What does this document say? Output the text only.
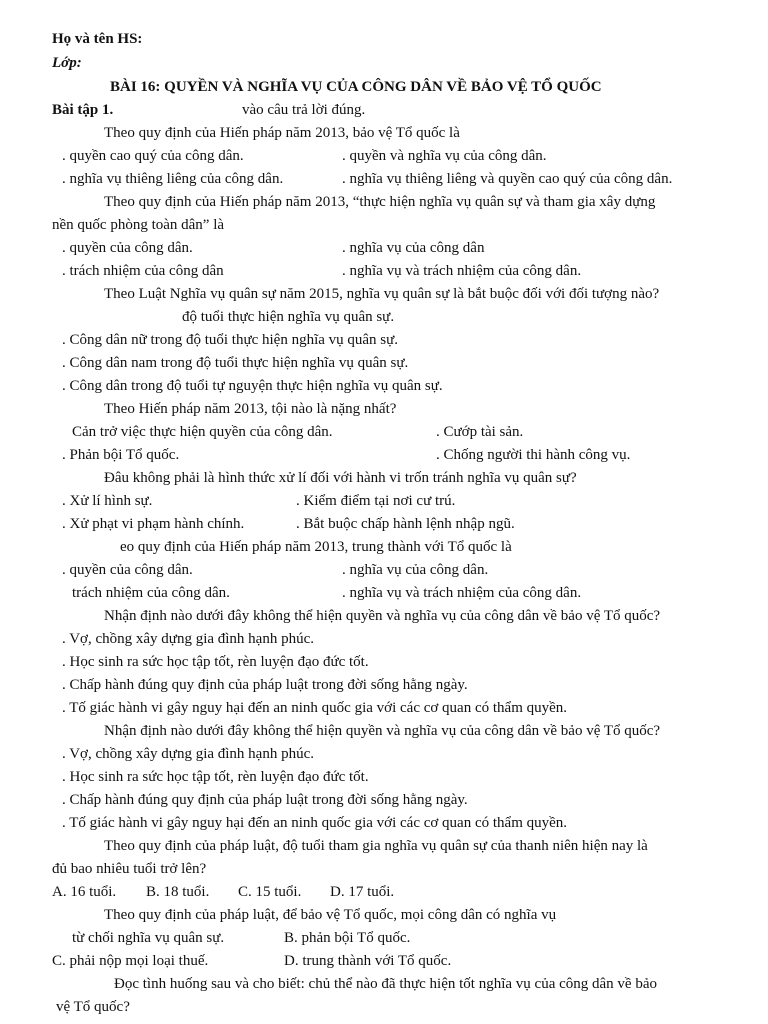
Họ và tên HS:
Lớp:
BÀI 16: QUYỀN VÀ NGHĨA VỤ CỦA CÔNG DÂN VỀ BẢO VỆ TỔ QUỐC
Bài tập 1.	vào câu trả lời đúng.
Theo quy định của Hiến pháp năm 2013, bảo vệ Tổ quốc là
. quyền cao quý của công dân.	. quyền và nghĩa vụ của công dân.
. nghĩa vụ thiêng liêng của công dân.	. nghĩa vụ thiêng liêng và quyền cao quý của công dân.
Theo quy định của Hiến pháp năm 2013, “thực hiện nghĩa vụ quân sự và tham gia xây dựng
nền quốc phòng toàn dân” là
. quyền của công dân.	. nghĩa vụ của công dân
. trách nhiệm của công dân	. nghĩa vụ và trách nhiệm của công dân.
Theo Luật Nghĩa vụ quân sự năm 2015, nghĩa vụ quân sự là bắt buộc đối với đối tượng nào?
độ tuổi thực hiện nghĩa vụ quân sự.
. Công dân nữ trong độ tuổi thực hiện nghĩa vụ quân sự.
. Công dân nam trong độ tuổi thực hiện nghĩa vụ quân sự.
. Công dân trong độ tuổi tự nguyện thực hiện nghĩa vụ quân sự.
Theo Hiến pháp năm 2013, tội nào là nặng nhất?
Cản trở việc thực hiện quyền của công dân.	. Cướp tài sản.
. Phản bội Tổ quốc.	. Chống người thi hành công vụ.
Đâu không phải là hình thức xử lí đối với hành vi trốn tránh nghĩa vụ quân sự?
. Xử lí hình sự.	. Kiểm điểm tại nơi cư trú.
. Xử phạt vi phạm hành chính.	. Bắt buộc chấp hành lệnh nhập ngũ.
eo quy định của Hiến pháp năm 2013, trung thành với Tổ quốc là
. quyền của công dân.	. nghĩa vụ của công dân.
trách nhiệm của công dân.	. nghĩa vụ và trách nhiệm của công dân.
Nhận định nào dưới đây không thể hiện quyền và nghĩa vụ của công dân về bảo vệ Tổ quốc?
. Vợ, chồng xây dựng gia đình hạnh phúc.
. Học sinh ra sức học tập tốt, rèn luyện đạo đức tốt.
. Chấp hành đúng quy định của pháp luật trong đời sống hằng ngày.
. Tố giác hành vi gây nguy hại đến an ninh quốc gia với các cơ quan có thẩm quyền.
Nhận định nào dưới đây không thể hiện quyền và nghĩa vụ của công dân về bảo vệ Tổ quốc?
. Vợ, chồng xây dựng gia đình hạnh phúc.
. Học sinh ra sức học tập tốt, rèn luyện đạo đức tốt.
. Chấp hành đúng quy định của pháp luật trong đời sống hằng ngày.
. Tố giác hành vi gây nguy hại đến an ninh quốc gia với các cơ quan có thẩm quyền.
Theo quy định của pháp luật, độ tuổi tham gia nghĩa vụ quân sự của thanh niên hiện nay là
đủ bao nhiêu tuổi trở lên?
A. 16 tuổi. B. 18 tuổi. C. 15 tuổi. D. 17 tuổi.
Theo quy định của pháp luật, để bảo vệ Tổ quốc, mọi công dân có nghĩa vụ
từ chối nghĩa vụ quân sự.	B. phản bội Tổ quốc.
C. phải nộp mọi loại thuế.	D. trung thành với Tổ quốc.
Đọc tình huống sau và cho biết: chủ thể nào đã thực hiện tốt nghĩa vụ của công dân về bảo
vệ Tổ quốc?
